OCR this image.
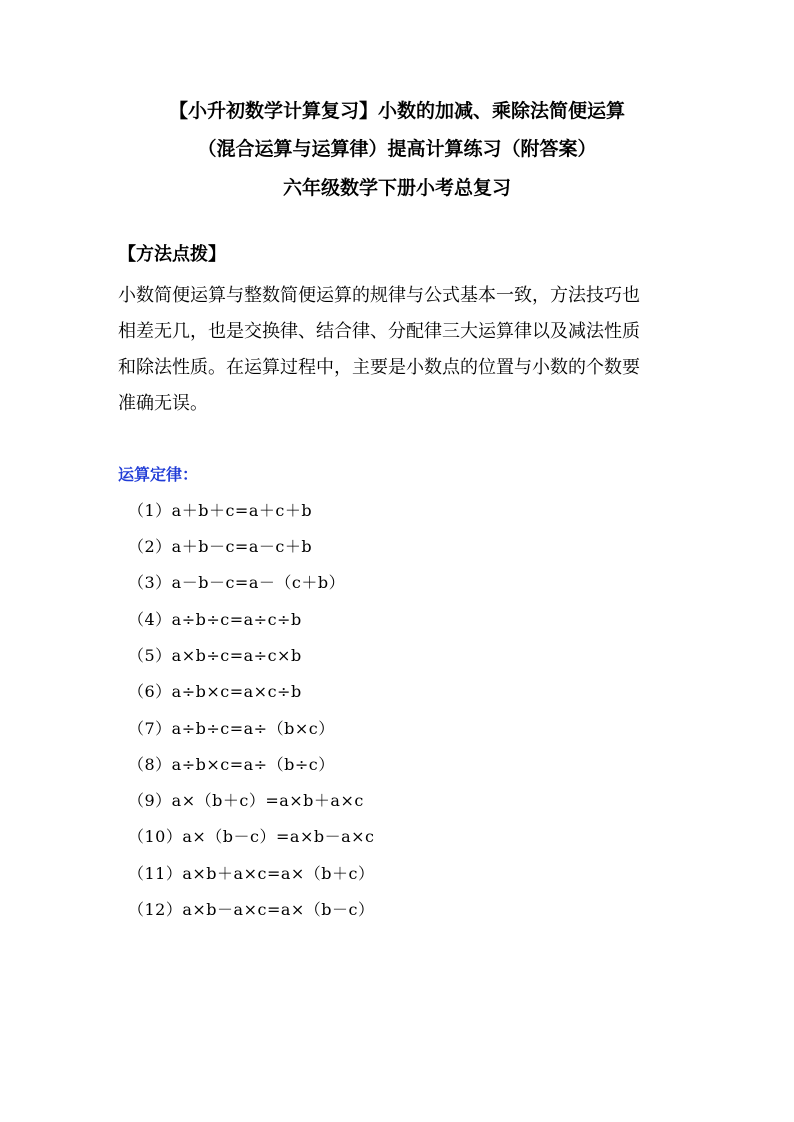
【小升初数学计算复习】小数的加减、乘除法简便运算
（混合运算与运算律）提高计算练习（附答案）
六年级数学下册小考总复习
【方法点拨】
小数简便运算与整数简便运算的规律与公式基本一致，方法技巧也
相差无几，也是交换律、结合律、分配律三大运算律以及减法性质
和除法性质。在运算过程中，主要是小数点的位置与小数的个数要
准确无误。
运算定律：
（1）a＋b＋c=a＋c＋b
（2）a＋b－c=a－c＋b
（3）a－b－c=a－（c＋b）
（4）a÷b÷c=a÷c÷b
（5）a×b÷c=a÷c×b
（6）a÷b×c=a×c÷b
（7）a÷b÷c=a÷（b×c）
（8）a÷b×c=a÷（b÷c）
（9）a×（b＋c）=a×b＋a×c
（10）a×（b－c）=a×b－a×c
（11）a×b＋a×c=a×（b＋c）
（12）a×b－a×c=a×（b－c）
